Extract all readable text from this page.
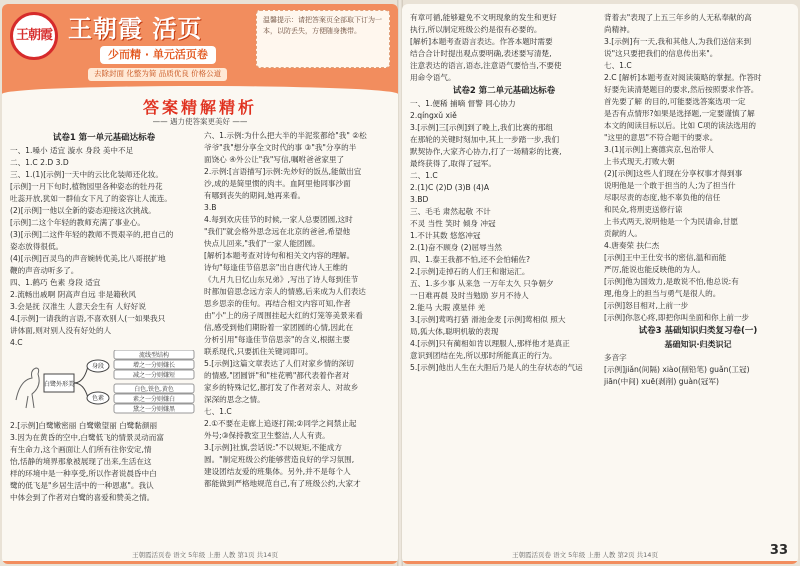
王朝霞 王朝霞 活页
少而精 · 单元活页卷
去除封面 化整为简 品质优良 价格公道
温馨提示：请把答案页全部取下订为一本，以防丢失，方便随身携带。
答案精解精析
—— 遇力使答案更美好 ——

试卷1 第一单元基础达标卷

一、1.嗓小 适宜 漩水 身段 美中不足

二、1.C 2.D 3.D

三、1.(1)[示例]一天中的云比化装师还化妆。

[示例]一月下旬时,植物园里各种姿态的牡丹花

吐蕊开放,犹如一群仙女下凡了的姿容让人流连。

(2)[示例]一他以全新的姿态迎接这次挑战。

[示例]二这个年轻的教师充满了事业心。

(3)[示例]二这件年轻的教师不畏艰辛的,把自己的

姿态放得很低。

(4)[示例]百灵鸟的声音婉转优美,比八哥抿扩地

鞭的声音动听多了。

四、1.鹤巧 色素 身段 适宜

2.流畅出戚啊 阴高声自远 非是籍秋风

3.会是抚 汉准生 人意天会生有 人好好说

4.[示例]一请我的言语,不喜欢别人(一如果我只

讲体面,则对别人没有好处的人

4.C

白鹭外形美
身段
色素
流线型结构
增之一分则嫌长
减之一分则嫌短
白色,铁色,黄色
素之一分则嫌白
黛之一分则嫌黑

2.[示例]白鹭嫩密丽 白鹭嫩望丽 白鹭黏颜丽

3.因为在黄昏的空中,白鹭低飞的情景灵动而富

有生命力,这个画面让人们所有往你安定,情

怡,恬静的境界那象被展现了出来,生活在这

样的环境中是一种享受,所以作者说晨昏中白

鹭的低飞是"乡居生活中的一种恩惠"。我认

中体会到了作者对白鹭的喜爱和赞美之情。

六、1.示例:为什么把大半的半泥浆都给"我" ②松

爷爷"我"想分享全文时代的事 ③"我"分享的半

面饶心 ④外公让"我"写信,嘱咐爸爸家里了

2.示例:[言语描写]示例:先炒好的饭丛,能做出宜

沙,成的是简里惯的肉丰。血阿里他同事沙面

有哪到丧失的期间,她再来看。

3.B

4.每到欢庆佳节的时候,一家人总要团圆,这时

"我们"就会格外思念远在北京的爸爸,希望他

快点儿回来,"我们"一家人能团圆。

[解析]本题考查对诗句和相关文内容的理解。

诗句"每逢佳节倍思亲"出自唐代诗人王维的

《九月九日忆山东兄弟》,写出了诗人每到佳节

时都加倍思念远方亲人的情感,后来成为人们表达

思乡思亲的佳句。再结合相文内容可知,作者

由"小"上的房子周围挂起大红的灯笼等美景来看

信,感受到他们期盼着一家团圆的心情,因此在

分析引用"每逢佳节倍思亲"的含义,根据主要

联系现代,只要抓住关键词即可。

5.[示例]这篇文章表达了人们对家乡情的深切

的情感,"团圆饼"和"桂花鸭"都代表着作者对

家乡的特殊记忆,都打发了作者对亲人、对故乡

深深的思念之情。

七、1.C

2.①不要在走廊上追逐打闹;②同学之间禁止起

外号;③保持教室卫生整洁,人人有责。

3.[示例]社旗,尝话说:"不以规矩,不能成方

圆。"制定班级公约能够营造良好的学习氛围,

建设团结友爱的班集体。另外,并不是每个人

都能做到严格地规范自己,有了班级公约,大家才

王朝霞活页卷 语文 5年级 上册 人教 第1页 共14页

有章可循,能够避免不文明现象的发生和更好

执行,所以制定班级公约是很有必要的。

[解析]本题考查语言表达。作答本题时需要

结合合计时提出观点要明确,表述要写清楚,

注意表达的语言,语态,注意语气要恰当,不要使

用命令语气。

试卷2 第二单元基础达标卷

一、1.便稀 捕嘀 督警 同心协力

2.qíngxǔ xiě

3.[示例]三[示例]到了晚上,我们比赛的那组

在那轮的关键时刻加中,其上一步踏一步,我们

默契协作,大家齐心协力,打了一场精彩的比赛,

最终获得了,取得了冠军。

二、1.C

2.(1)C (2)D (3)B (4)A

3.BD

三、毛毛 肃然起敬 不计

不灵 当性 笑时 倾身 冲冠

1.不计其数 悠悠冲冠

2.(1)奋不顾身 (2)屈辱当然

四、1.泰王我都不怕,还不会怕辅佐?

2.[示例]走掉石的人们王和谢运汇。

五、1.多少事 从来急 一万年太久 只争朝夕

一日难再晨 及时当勉励 岁月不待人

2.能马 大瑕 漠星伴 羌

3.[示例]莺鸣打猎 滑池金麦 [示例]莺相似 照大

局,狐大体,聪明机敏的表现

4.[示例]只有蔺相如肯以理服人,那样他才是真正

意识到团结在先,所以那时所能真正的行为。

5.[示例]他出人生在大胆后乃是人的生存状态的气运

背着去"表现了上五三年乡的人无私奉献的高

尚精神。

3.[示例]有一天,我和其他人,为我们送信来到

说"这只要把我们的信息传出来"。

七、1.C

2.C [解析]本题考查对阅读策略的掌握。作答时

好要先读清楚题目的要求,然后按照要求作答。

首先要了解 的目的,可能要选答案选项一定

是否有点情形?如果是选择题,一定要谨慎了解

本文的阅读目标以后。比如 C项的读法选用的

"这里的意思"不符合题干的要求。

3.(1)[示例]上赛德宾京,包治带人

上书式现天,打败大朝

(2)[示例]这些人们现在分享权事才得到事

说明他是一个敢于担当的人;为了担当什

尽职尽责的态度,他不辜负他的信任

和民众,将刑吏送修行谅

上书式两天,说明他是一个为民请命,甘愿

贡献的人。

4.唐奏荣 扶仁杰

[示例]王中王仕安书的密信,温和而能

严厉,能说也能反映他的为人。

[示例]他为国效力,是敢说不怕,他总说:有

理,他身上的担当与勇气是很人的。

[示例]怒目相对,上前一步

[示例]你忽心疼,即把你叫坐面和你上前一步

试卷3 基础知识归类复习卷(一)

基础知识·归类识记

多音字

[示例]jiǎn(间隔) xiào(削铅笔) guǎn(工冠)

jiān(中间) xuē(剥削) guàn(冠军)

王朝霞活页卷 语文 5年级 上册 人教 第2页 共14页	33
